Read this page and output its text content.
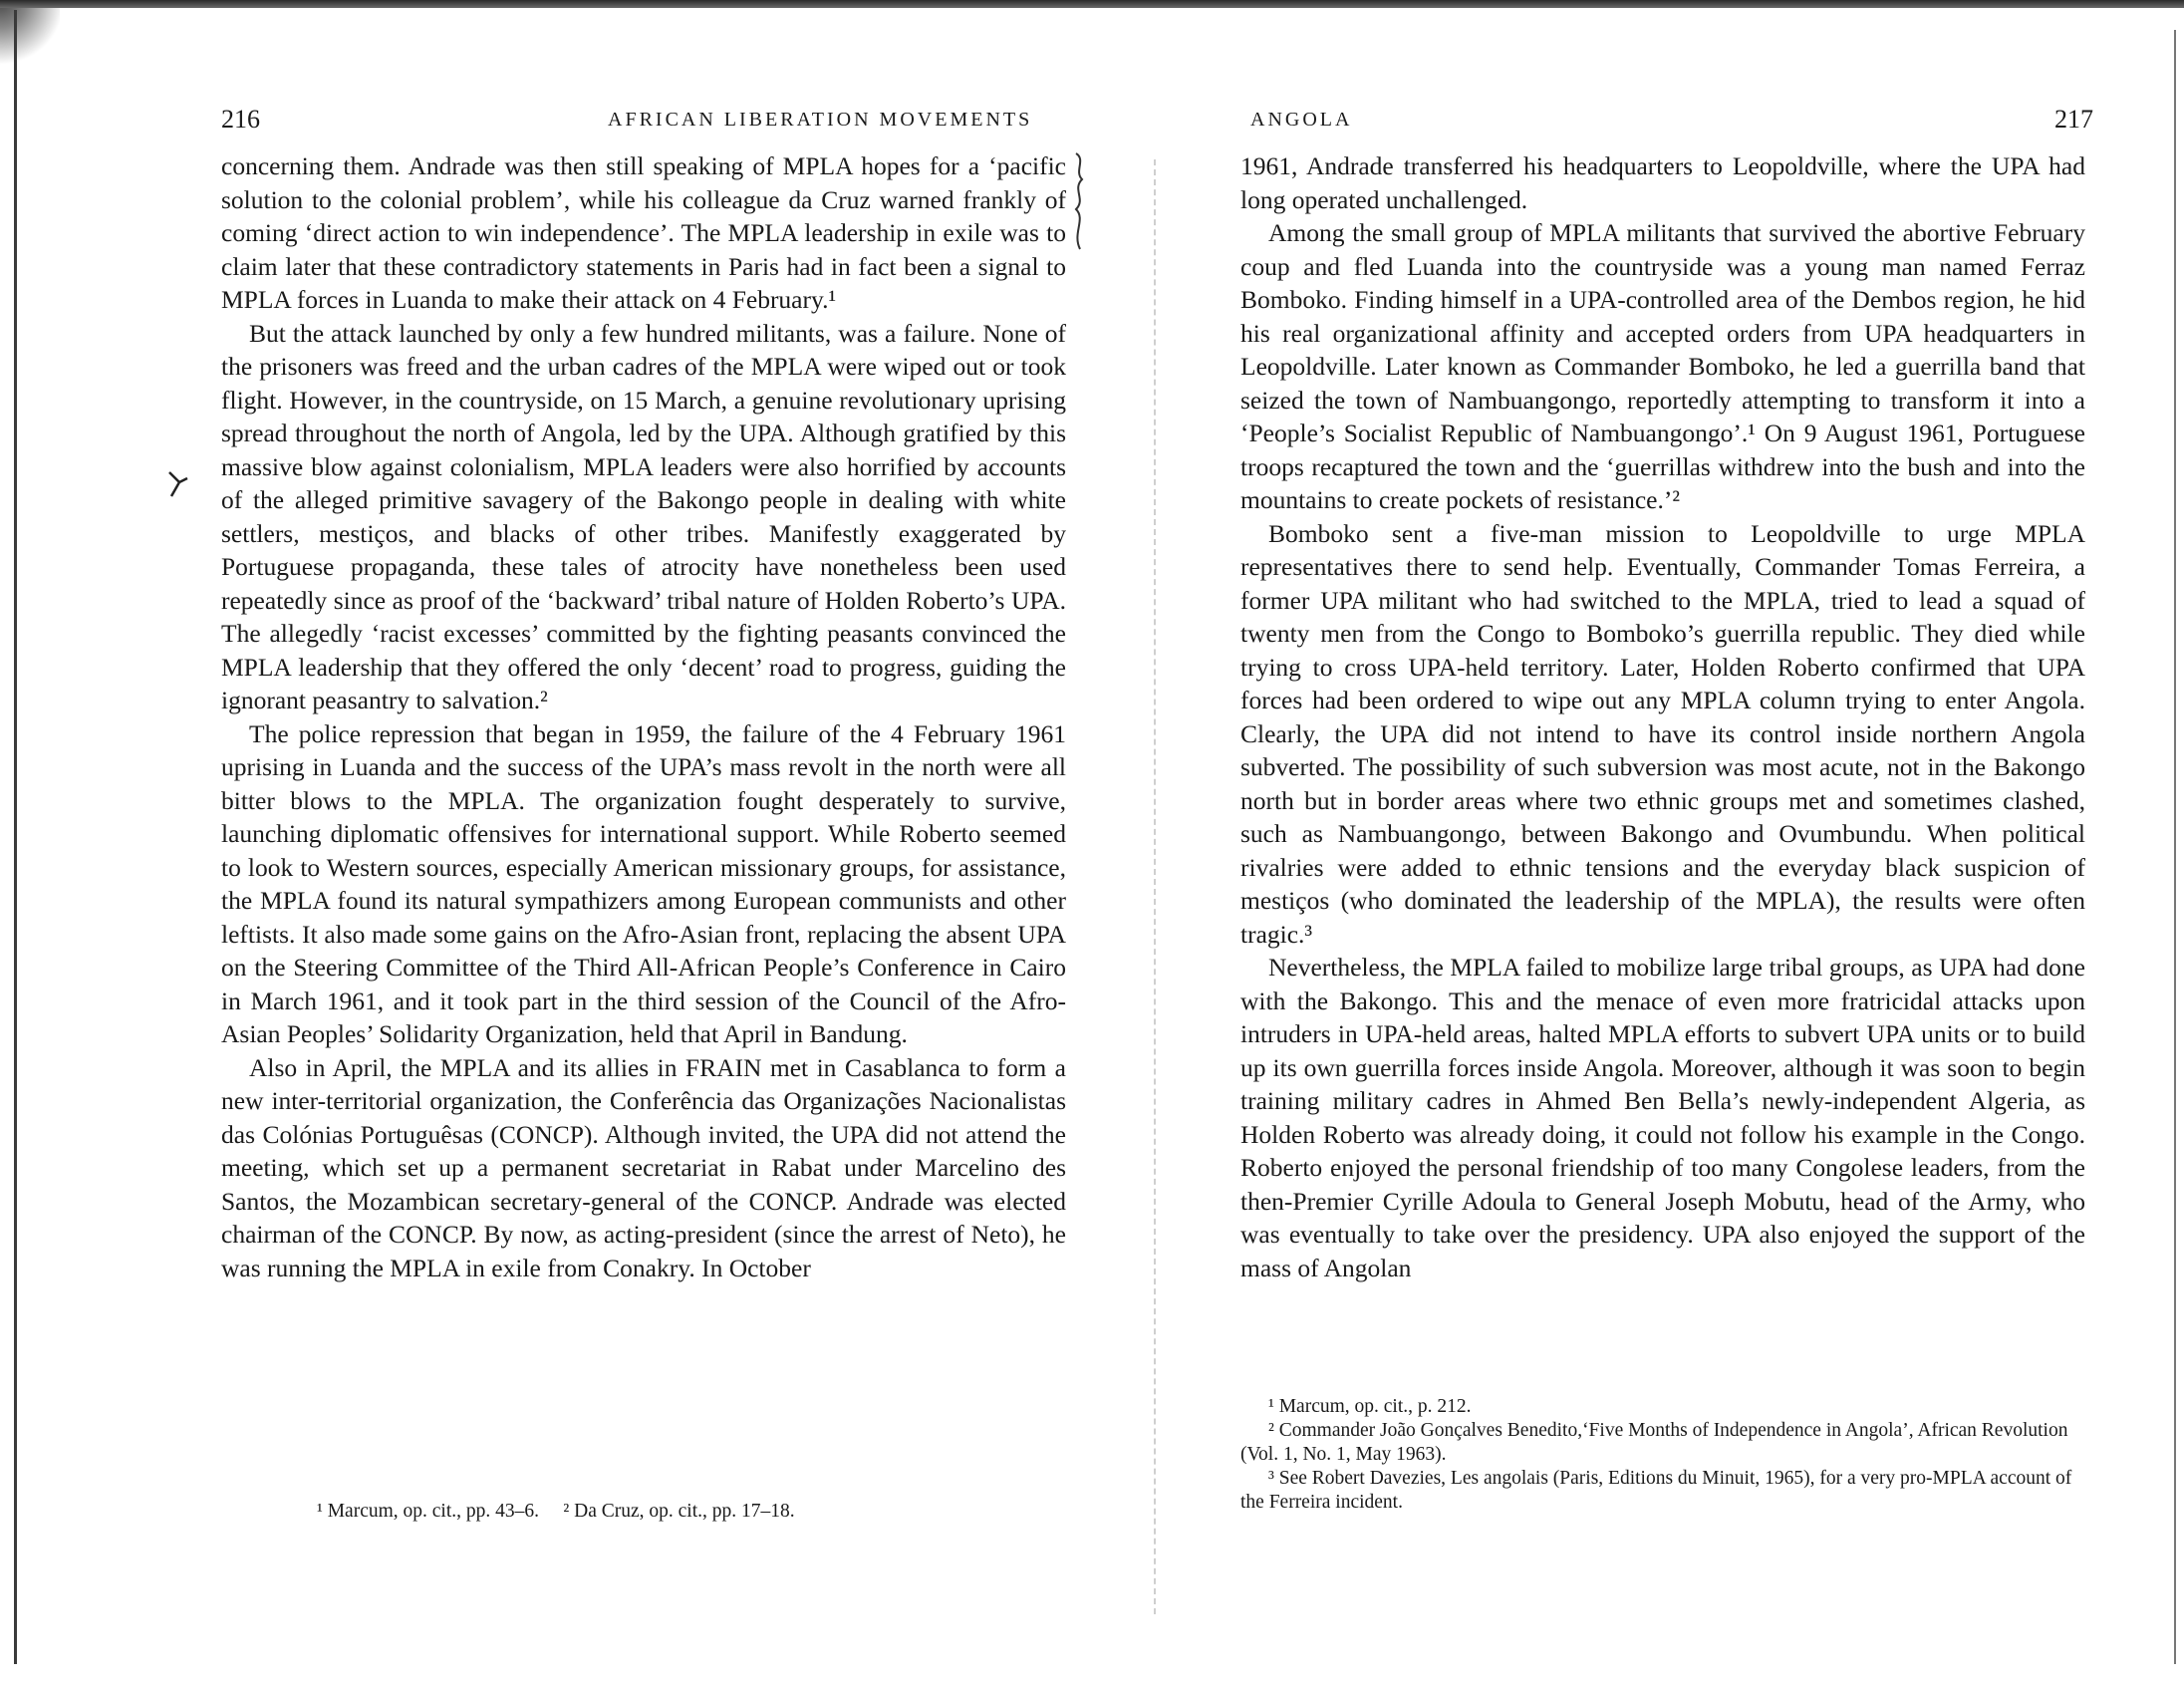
216	AFRICAN LIBERATION MOVEMENTS

concerning them. Andrade was then still speaking of MPLA hopes for a ‘pacific solution to the colonial problem’, while his colleague da Cruz warned frankly of coming ‘direct action to win independence’. The MPLA leadership in exile was to claim later that these contradictory statements in Paris had in fact been a signal to MPLA forces in Luanda to make their attack on 4 February.¹

But the attack launched by only a few hundred militants, was a failure. None of the prisoners was freed and the urban cadres of the MPLA were wiped out or took flight. However, in the countryside, on 15 March, a genuine revolutionary uprising spread throughout the north of Angola, led by the UPA. Although gratified by this massive blow against colonialism, MPLA leaders were also horrified by accounts of the alleged primitive savagery of the Bakongo people in dealing with white settlers, mestiços, and blacks of other tribes. Manifestly exaggerated by Portuguese propaganda, these tales of atrocity have nonetheless been used repeatedly since as proof of the ‘backward’ tribal nature of Holden Roberto’s UPA. The allegedly ‘racist excesses’ committed by the fighting peasants convinced the MPLA leadership that they offered the only ‘decent’ road to progress, guiding the ignorant peasantry to salvation.²

The police repression that began in 1959, the failure of the 4 February 1961 uprising in Luanda and the success of the UPA’s mass revolt in the north were all bitter blows to the MPLA. The organization fought desperately to survive, launching diplomatic offensives for international support. While Roberto seemed to look to Western sources, especially American missionary groups, for assistance, the MPLA found its natural sympathizers among European communists and other leftists. It also made some gains on the Afro-Asian front, replacing the absent UPA on the Steering Committee of the Third All-African People’s Conference in Cairo in March 1961, and it took part in the third session of the Council of the Afro-Asian Peoples’ Solidarity Organization, held that April in Bandung.

Also in April, the MPLA and its allies in FRAIN met in Casablanca to form a new inter-territorial organization, the Conferência das Organizações Nacionalistas das Colónias Portuguêsas (CONCP). Although invited, the UPA did not attend the meeting, which set up a permanent secretariat in Rabat under Marcelino des Santos, the Mozambican secretary-general of the CONCP. Andrade was elected chairman of the CONCP. By now, as acting-president (since the arrest of Neto), he was running the MPLA in exile from Conakry. In October

¹ Marcum, op. cit., pp. 43–6.     ² Da Cruz, op. cit., pp. 17–18.

ANGOLA	217

1961, Andrade transferred his headquarters to Leopoldville, where the UPA had long operated unchallenged.

Among the small group of MPLA militants that survived the abortive February coup and fled Luanda into the countryside was a young man named Ferraz Bomboko. Finding himself in a UPA-controlled area of the Dembos region, he hid his real organizational affinity and accepted orders from UPA headquarters in Leopoldville. Later known as Commander Bomboko, he led a guerrilla band that seized the town of Nambuangongo, reportedly attempting to transform it into a ‘People’s Socialist Republic of Nambuangongo’.¹ On 9 August 1961, Portuguese troops recaptured the town and the ‘guerrillas withdrew into the bush and into the mountains to create pockets of resistance.’²

Bomboko sent a five-man mission to Leopoldville to urge MPLA representatives there to send help. Eventually, Commander Tomas Ferreira, a former UPA militant who had switched to the MPLA, tried to lead a squad of twenty men from the Congo to Bomboko’s guerrilla republic. They died while trying to cross UPA-held territory. Later, Holden Roberto confirmed that UPA forces had been ordered to wipe out any MPLA column trying to enter Angola. Clearly, the UPA did not intend to have its control inside northern Angola subverted. The possibility of such subversion was most acute, not in the Bakongo north but in border areas where two ethnic groups met and sometimes clashed, such as Nambuangongo, between Bakongo and Ovumbundu. When political rivalries were added to ethnic tensions and the everyday black suspicion of mestiços (who dominated the leadership of the MPLA), the results were often tragic.³

Nevertheless, the MPLA failed to mobilize large tribal groups, as UPA had done with the Bakongo. This and the menace of even more fratricidal attacks upon intruders in UPA-held areas, halted MPLA efforts to subvert UPA units or to build up its own guerrilla forces inside Angola. Moreover, although it was soon to begin training military cadres in Ahmed Ben Bella’s newly-independent Algeria, as Holden Roberto was already doing, it could not follow his example in the Congo. Roberto enjoyed the personal friendship of too many Congolese leaders, from the then-Premier Cyrille Adoula to General Joseph Mobutu, head of the Army, who was eventually to take over the presidency. UPA also enjoyed the support of the mass of Angolan

¹ Marcum, op. cit., p. 212.

² Commander João Gonçalves Benedito,‘Five Months of Independence in Angola’, African Revolution (Vol. 1, No. 1, May 1963).

³ See Robert Davezies, Les angolais (Paris, Editions du Minuit, 1965), for a very pro-MPLA account of the Ferreira incident.
